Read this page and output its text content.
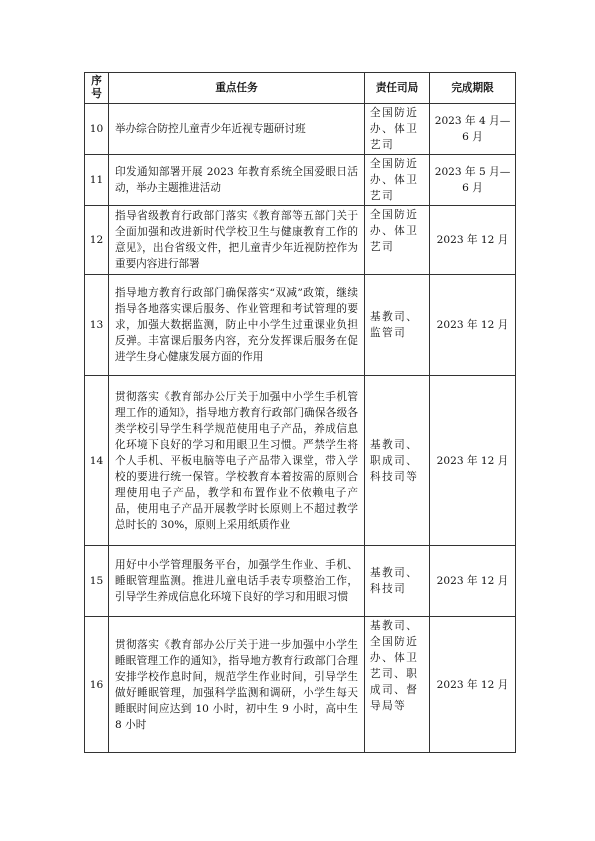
序号	重点任务	责任司局	完成期限
10	举办综合防控儿童青少年近视专题研讨班	全国防近办、体卫艺司	2023 年 4 月—6 月
11	印发通知部署开展 2023 年教育系统全国爱眼日活动，举办主题推进活动	全国防近办、体卫艺司	2023 年 5 月—6 月
12	指导省级教育行政部门落实《教育部等五部门关于全面加强和改进新时代学校卫生与健康教育工作的意见》，出台省级文件，把儿童青少年近视防控作为重要内容进行部署	全国防近办、体卫艺司	2023 年 12 月
13	指导地方教育行政部门确保落实“双减”政策，继续指导各地落实课后服务、作业管理和考试管理的要求，加强大数据监测，防止中小学生过重课业负担反弹。丰富课后服务内容，充分发挥课后服务在促进学生身心健康发展方面的作用	基教司、监管司	2023 年 12 月
14	贯彻落实《教育部办公厅关于加强中小学生手机管理工作的通知》，指导地方教育行政部门确保各级各类学校引导学生科学规范使用电子产品，养成信息化环境下良好的学习和用眼卫生习惯。严禁学生将个人手机、平板电脑等电子产品带入课堂，带入学校的要进行统一保管。学校教育本着按需的原则合理使用电子产品，教学和布置作业不依赖电子产品，使用电子产品开展教学时长原则上不超过教学总时长的 30%，原则上采用纸质作业	基教司、职成司、科技司等	2023 年 12 月
15	用好中小学管理服务平台，加强学生作业、手机、睡眠管理监测。推进儿童电话手表专项整治工作，引导学生养成信息化环境下良好的学习和用眼习惯	基教司、科技司	2023 年 12 月
16	贯彻落实《教育部办公厅关于进一步加强中小学生睡眠管理工作的通知》，指导地方教育行政部门合理安排学校作息时间，规范学生作业时间，引导学生做好睡眠管理，加强科学监测和调研，小学生每天睡眠时间应达到 10 小时，初中生 9 小时，高中生 8 小时	基教司、全国防近办、体卫艺司、职成司、督导局等	2023 年 12 月
